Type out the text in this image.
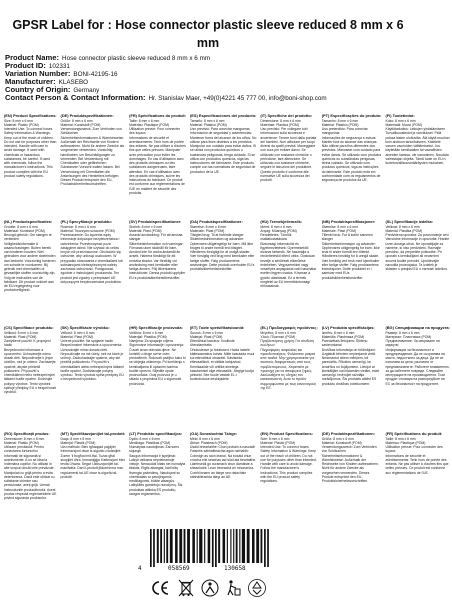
GPSR Label for : Hose connector plastic sleeve reduced 8 mm x 6 mm
Product Name: Hose connector plastic sleeve reduced 8 mm x 6 mm
Product ID: 102331
Variation Number: BONI-42195-16
Manufacturer: KLASEBO
Country of Origin: Germany
Contact Person & Contact Information: Hr. Stanislav Maer, +49(0)4221 45 777 00, info@boni-shop.com
(EN) Product Specifications:
Size: 8 mm x 6 mm
Material: Plastic (POM)
Intended Use: To connect hoses
Safety Information & Warnings: Keep out of the reach of children. Do not use for purposes other than intended. Handle with care to avoid damage. If used with chemicals or hazardous substances, be careful. If used with chemicals, follow the manufacturer's instructions. This product complies with the EU product safety regulations.
(DE) Produktspezifikationen:
Größe: 8 mm x 6 mm
Material: Kunststoff (POM)
Verwendungszweck: Zum Verbinden von Schläuchen
Sicherheitsinformationen & Warnhinweise: Außerhalb der Reichweite von Kindern aufbewahren. Nicht für andere Zwecke als vorgesehen verwenden. Vorsichtig handhaben, um Beschädigungen zu vermeiden. Bei Verwendung mit Chemikalien oder gefährlichen Substanzen Vorsicht walten lassen. Bei Verwendung mit Chemikalien die Anweisungen des Herstellers befolgen. Dieses Produkt entspricht den EU-Produktsicherheitsvorschriften.
(FR) Spécifications du produit:
Taille: 8 mm x 6 mm
Matériau: Plastique (POM)
Utilisation prévue: Pour connecter des tuyaux
Informations de sécurité et avertissements: Tenir hors de portée des enfants. Ne pas utiliser à d'autres fins que celles prévues. Manipuler avec précaution pour éviter les dommages. En cas d'utilisation avec des produits chimiques ou des substances dangereuses, faire attention. En cas d'utilisation avec des produits chimiques, suivre les instructions du fabricant. Ce produit est conforme aux réglementations de l'UE en matière de sécurité des produits.
(ES) Especificaciones del producto:
Tamaño: 8 mm x 6 mm
Material: Plástico (POM)
Uso previsto: Para conectar mangueras
Información de seguridad y advertencias: Mantener fuera del alcance de los niños. No utilizar para fines distintos a los previstos. Manipular con cuidado para evitar daños. Si se utiliza con productos químicos o sustancias peligrosas, tenga cuidado. Si se utiliza con productos químicos, siga las instrucciones del fabricante. Este producto cumple con las normativas de seguridad de productos de la UE.
(IT) Specifiche del prodotto:
Dimensione: 8 mm x 6 mm
Materiale: Plastica (POM)
Uso previsto: Per collegare tubi
Informazioni sulla sicurezza e avvertenze: Tenere fuori dalla portata dei bambini. Non utilizzare per scopi diversi da quelli previsti. Maneggiare con cura per evitare danni. Se utilizzato con sostanze chimiche o pericolose, fare attenzione. Se utilizzato con sostanze chimiche, seguire le istruzioni del produttore. Questo prodotto è conforme alle normative UE sulla sicurezza dei prodotti.
(PT) Especificações do produto:
Tamanho: 8 mm x 6 mm
Material: Plástico (POM)
Uso pretendido: Para conectar mangueiras
Informações de segurança e avisos: Manter fora do alcance das crianças. Não utilizar para fins diferentes dos previstos. Manusear com cuidado para evitar danos. Se utilizado com produtos químicos ou substâncias perigosas, tenha cuidado. Se utilizado com produtos químicos, siga as instruções do fabricante. Este produto está em conformidade com os regulamentos de segurança de produtos da UE.
(FI) Tuotetiedot:
Koko: 8 mm x 6 mm
Materiaali: Muovi (POM)
Käyttötarkoitus: Letkujen yhdistämiseen
Turvallisuustiedot ja varoitukset: Pidä poissa lasten ulottuvilta. Älä käytä muuhun kuin aiottuun tarkoitukseen. Käsittele varoen vaurioiden välttämiseksi. Jos käytetään kemikaalien tai vaarallisten aineiden kanssa, ole varovainen. Noudata valmistajan ohjeita. Tämä tuote on EU:n tuoteturvallisuusmääräysten mukainen.
(NL) Productspecificaties:
Grootte: 8 mm x 6 mm
Materiaal: Kunststof (POM)
Beoogd gebruik: Om slangen te verbinden
Veiligheidsinformatie & waarschuwingen: Buiten bereik van kinderen houden. Niet gebruiken voor andere doeleinden dan bedoeld. Voorzichtig hanteren om schade te voorkomen. Bij gebruik met chemicaliën of gevaarlijke stoffen voorzichtig zijn. Volg de instructies van de fabrikant. Dit product voldoet aan de EU-regelgeving voor productveiligheid.
(PL) Specyfikacje produktu:
Rozmiar: 8 mm x 6 mm
Materiał: Tworzywo sztuczne (POM)
Przeznaczenie: Do łączenia węży
Informacje dotyczące bezpieczeństwa i ostrzeżenia: Przechowywać poza zasięgiem dzieci. Nie używać do celów innych niż przeznaczone. Obchodzić się ostrożnie, aby uniknąć uszkodzeń. W przypadku stosowania z chemikaliami lub substancjami niebezpiecznymi należy zachować ostrożność. Postępować zgodnie z instrukcjami producenta. Ten produkt jest zgodny z przepisami UE dotyczącymi bezpieczeństwa produktów.
(SV) Produktspecifikationer:
Storlek: 8 mm x 6 mm
Material: Plast (POM)
Avsedd användning: För att ansluta slangar
Säkerhetsinformation och varningar: Förvaras utom räckhåll för barn. Använd inte för andra ändamål än avsett. Hantera försiktigt för att undvika skador. Var försiktig vid användning med kemikalier eller farliga ämnen. Följ tillverkarens instruktioner. Denna produkt uppfyller EU:s produktsäkerhetsföreskrifter.
(DA) Produktspecifikationer:
Størrelse: 8 mm x 6 mm
Materiale: Plast (POM)
Tilsigtet brug: Til at forbinde slanger
Sikkerhedsinformation og advarsler: Opbevares utilgængeligt for børn. Må ikke bruges til andre formål end tilsigtet. Håndteres forsigtigt for at undgå skader. Vær forsigtig ved brug med kemikalier eller farlige stoffer. Følg producentens anvisninger. Dette produkt overholder EU's produktsikkerhedsforskrifter.
(HU) Termékjellemzők:
Méret: 8 mm x 6 mm
Anyag: Műanyag (POM)
Rendeltetés: Tömlők csatlakoztatására
Biztonsági információk és figyelmeztetések: Gyermekektől elzárva tartandó. Ne használja a rendeltetéstől eltérő célra. Óvatosan kezelje a sérülések elkerülése érdekében. Vegyszerekkel vagy veszélyes anyagokkal való használat esetén legyen óvatos. Kövesse a gyártó utasításait. Ez a termék megfelel az EU termékbiztonsági előírásainak.
(NB) Produktspesifikasjoner:
Størrelse: 8 mm x 6 mm
Materiale: Plast (POM)
Tiltenkt bruk: For å koble sammen slanger
Sikkerhetsinformasjon og advarsler: Oppbevares utilgjengelig for barn. Ikke bruk til andre formål enn tiltenkt. Håndteres forsiktig for å unngå skade. Vær forsiktig ved bruk med kjemikalier eller farlige stoffer. Følg produsentens instruksjoner. Dette produktet er i samsvar med EUs produktsikkerhetsforskrifter.
(SL) Specifikacije izdelka:
Velikost: 8 mm x 6 mm
Material: Plastika (POM)
Predvidena uporaba: Za povezovanje cevi
Varnostne informacije in opozorila: Hranite izven dosega otrok. Ne uporabljajte za namene, ki niso predvideni. Ravnajte previdno, da preprečite poškodbe. Pri uporabi s kemikalijami ali nevarnimi snovmi bodite previdni. Upoštevajte navodila proizvajalca. Ta izdelek je skladen s predpisi EU o varnosti izdelkov.
(CS) Specifikace produktu:
Velikost: 8 mm x 6 mm
Materiál: Plast (POM)
Zamýšlené použití: K propojení hadic
Bezpečnostní informace a upozornění: Uchovávejte mimo dosah dětí. Nepoužívejte k jiným účelům, než je určeno. Zacházejte opatrně, abyste předešli poškození. Při použití s chemikáliemi nebo nebezpečnými látkami buďte opatrní. Dodržujte pokyny výrobce. Tento výrobek splňuje předpisy EU o bezpečnosti výrobků.
(SK) Špecifikácie výrobku:
Veľkosť: 8 mm x 6 mm
Materiál: Plast (POM)
Určené použitie: Na spájanie hadíc
Bezpečnostné informácie a upozornenia: Uchovávajte mimo dosahu detí. Nepoužívajte na iné účely, než na ktoré je určený. Zaobchádzajte opatrne, aby ste predišli poškodeniu. Pri použití s chemikáliami alebo nebezpečnými látkami buďte opatrní. Dodržiavajte pokyny výrobcu. Tento výrobok spĺňa predpisy EÚ o bezpečnosti výrobkov.
(HR) Specifikacije proizvoda:
Veličina: 8 mm x 6 mm
Materijal: Plastika (POM)
Namjena: Za spajanje crijeva
Sigurnosne informacije i upozorenja: Čuvati izvan dohvata djece. Ne koristiti u druge svrhe osim predviđenih. Rukovati pažljivo kako bi se izbjegla oštećenja. Pri korištenju s kemikalijama ili opasnim tvarima budite oprezni. Slijedite upute proizvođača. Ovaj proizvod je u skladu s propisima EU o sigurnosti proizvoda.
(ET) Toote spetsifikatsioonid:
Suurus: 8 mm x 6 mm
Materjal: Plast (POM)
Ettenähtud kasutus: Voolikute ühendamiseks
Ohutusteave ja hoiatused: Hoida lastele kättesaamatus kohas. Mitte kasutada muul kui ettenähtud otstarbel. Käsitseda ettevaatlikult, et vältida kahjustusi. Kemikaalide või ohtlike ainetega kasutamisel olge ettevaatlik. Järgige tootja juhiseid. See toode vastab EL-i tooteohutuse eeskirjadele.
(EL) Προδιαγραφές προϊόντος:
Μέγεθος: 8 mm x 6 mm
Υλικό: Πλαστικό (POM)
Προβλεπόμενη χρήση: Για σύνδεση σωλήνων
Πληροφορίες ασφαλείας και προειδοποιήσεις: Φυλάσσετε μακριά από παιδιά. Μην χρησιμοποιείτε για σκοπούς διαφορετικούς από τους προβλεπόμενους. Χειριστείτε με προσοχή για να αποφύγετε ζημιές. Ακολουθήστε τις οδηγίες του κατασκευαστή. Αυτό το προϊόν συμμορφώνεται με τους κανονισμούς της ΕΕ.
(LV) Produkta specifikācijas:
Izmērs: 8 mm x 6 mm
Materiāls: Plastmasa (POM)
Paredzētais lietojums: Šļūteņu savienošanai
Drošības informācija un brīdinājumi: Uzglabāt bērniem nepieejamā vietā. Neizmantot citiem mērķiem, kā paredzēts. Rīkoties uzmanīgi, lai izvairītos no bojājumiem. Lietojot ar ķimikālijām vai bīstamām vielām, esiet uzmanīgi. Ievērojiet ražotāja norādījumus. Šis produkts atbilst ES produktu drošības noteikumiem.
(BG) Спецификации на продукта:
Размер: 8 mm x 6 mm
Материал: Пластмаса (POM)
Предназначение: За свързване на маркучи
Информация за безопасност и предупреждения: Да се съхранява на място, недостъпно за деца. Да не се използва за цели, различни от предназначените. Работете внимателно, за да избегнете повреди. Следвайте инструкциите на производителя. Този продукт отговаря на разпоредбите на ЕС за безопасност на продуктите.
(RO) Specificații produs:
Dimensiune: 8 mm x 6 mm
Material: Plastic (POM)
Utilizare prevăzută: Pentru conectarea furtunurilor
Informații de siguranță și avertismente: A nu se lăsa la îndemâna copiilor. Nu utilizați în alte scopuri decât cele prevăzute. Manipulați cu grijă pentru a evita deteriorarea. Dacă este utilizat cu substanțe chimice sau periculoase, aveți grijă. Urmați instrucțiunile producătorului. Acest produs respectă reglementările UE privind siguranța produselor.
(MT) Speċifikazzjonijiet tal-prodott:
Daqs: 8 mm x 6 mm
Materjal: Plastik (POM)
Użu maħsub: Biex tgħaqqad pajpijiet
Informazzjoni dwar is-sigurtà u twissijiet: Żomm 'il bogħod mit-tfal. Tużax għal skopijiet oħra. Immaniġġja b'attenzjoni biex tevita l-ħsara. Segwi l-istruzzjonijiet tal-manifattur. Dan il-prodott jikkonforma mar-regolamenti tal-UE dwar is-sigurtà tal-prodotti.
(LT) Produkto specifikacijos:
Dydis: 8 mm x 6 mm
Medžiaga: Plastikas (POM)
Numatytas naudojimas: Žarnoms sujungti
Saugos informacija ir įspėjimai: Laikyti vaikams neprieinamoje vietoje. Nenaudoti kitais nei numatyta tikslais. Elgtis atsargiai, kad būtų išvengta pažeidimų. Naudojant su chemikalais ar pavojingomis medžiagomis, būkite atsargūs. Laikykitės gamintojo nurodymų. Šis produktas atitinka ES produktų saugos reglamentus.
(GA) Sonraíochtaí Táirge:
Méid: 8 mm x 6 mm
Ábhar: Plaisteach (POM)
Úsáid bheartaithe: Chun píobáin a nascadh
Faisnéis sábháilteachta agus rabhaidh: Coinnigh as raon leanaí. Ná húsáid chun críocha eile seachas iad siúd atá beartaithe. Láimhseáil go cúramach chun damáiste a sheachaint. Lean treoracha an mhonaróra. Comhlíonann an táirge seo rialacháin sábháilteachta táirgí an AE.
(EN) Product Specifications:
Size: 8 mm x 6 mm
Material: Plastic (POM)
Intended Use: To connect hoses
Safety Information & Warnings: Keep out of the reach of children. Do not use for purposes other than intended. Handle with care to avoid damage. Follow the manufacturer's instructions. This product complies with the EU product safety regulations.
(DE) Produktspezifikationen:
Größe: 8 mm x 6 mm
Material: Kunststoff (POM)
Verwendungszweck: Zum Verbinden von Schläuchen
Sicherheitsinformationen & Warnhinweise: Außerhalb der Reichweite von Kindern aufbewahren. Nicht für andere Zwecke als vorgesehen verwenden. Dieses Produkt entspricht den EU-Produktsicherheitsvorschriften.
(FR) Spécifications du produit:
Taille: 8 mm x 6 mm
Matériau: Plastique (POM)
Utilisation prévue: Pour connecter des tuyaux
Informations de sécurité et avertissements: Tenir hors de portée des enfants. Ne pas utiliser à d'autres fins que celles prévues. Ce produit est conforme aux réglementations de l'UE.
4	058569	130658
